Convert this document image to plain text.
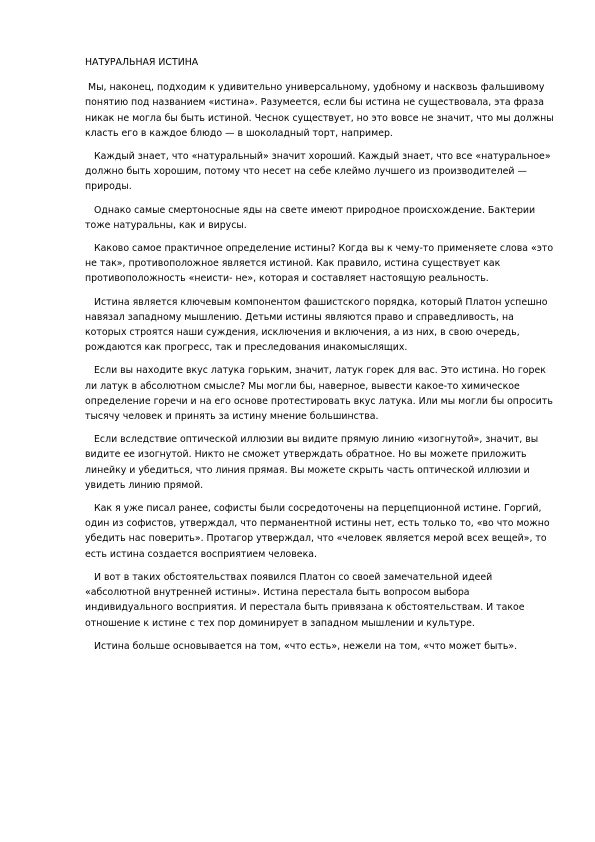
НАТУРАЛЬНАЯ ИСТИНА

Мы, наконец, подходим к удивительно универсальному, удобному и насквозь фальшивому понятию под названием «истина». Разумеется, если бы истина не существовала, эта фраза никак не могла бы быть истиной. Чеснок существует, но это вовсе не значит, что мы должны класть его в каждое блюдо — в шоколадный торт, например.

Каждый знает, что «натуральный» значит хороший. Каждый знает, что все «натуральное» должно быть хорошим, потому что несет на себе клеймо лучшего из производителей — природы.

Однако самые смертоносные яды на свете имеют природное происхождение. Бактерии тоже натуральны, как и вирусы.

Каково самое практичное определение истины? Когда вы к чему-то применяете слова «это не так», противоположное является истиной. Как правило, истина существует как противоположность «неисти- не», которая и составляет настоящую реальность.

Истина является ключевым компонентом фашистского порядка, который Платон успешно навязал западному мышлению. Детьми истины являются право и справедливость, на которых строятся наши суждения, исключения и включения, а из них, в свою очередь, рождаются как прогресс, так и преследования инакомыслящих.

Если вы находите вкус латука горьким, значит, латук горек для вас. Это истина. Но горек ли латук в абсолютном смысле? Мы могли бы, наверное, вывести какое-то химическое определение горечи и на его основе протестировать вкус латука. Или мы могли бы опросить тысячу человек и принять за истину мнение большинства.

Если вследствие оптической иллюзии вы видите прямую линию «изогнутой», значит, вы видите ее изогнутой. Никто не сможет утверждать обратное. Но вы можете приложить линейку и убедиться, что линия прямая. Вы можете скрыть часть оптической иллюзии и увидеть линию прямой.

Как я уже писал ранее, софисты были сосредоточены на перцепционной истине. Горгий, один из софистов, утверждал, что перманентной истины нет, есть только то, «во что можно убедить нас поверить». Протагор утверждал, что «человек является мерой всех вещей», то есть истина создается восприятием человека.

И вот в таких обстоятельствах появился Платон со своей замечательной идеей «абсолютной внутренней истины». Истина перестала быть вопросом выбора индивидуального восприятия. И перестала быть привязана к обстоятельствам. И такое отношение к истине с тех пор доминирует в западном мышлении и культуре.

Истина больше основывается на том, «что есть», нежели на том, «что может быть».
